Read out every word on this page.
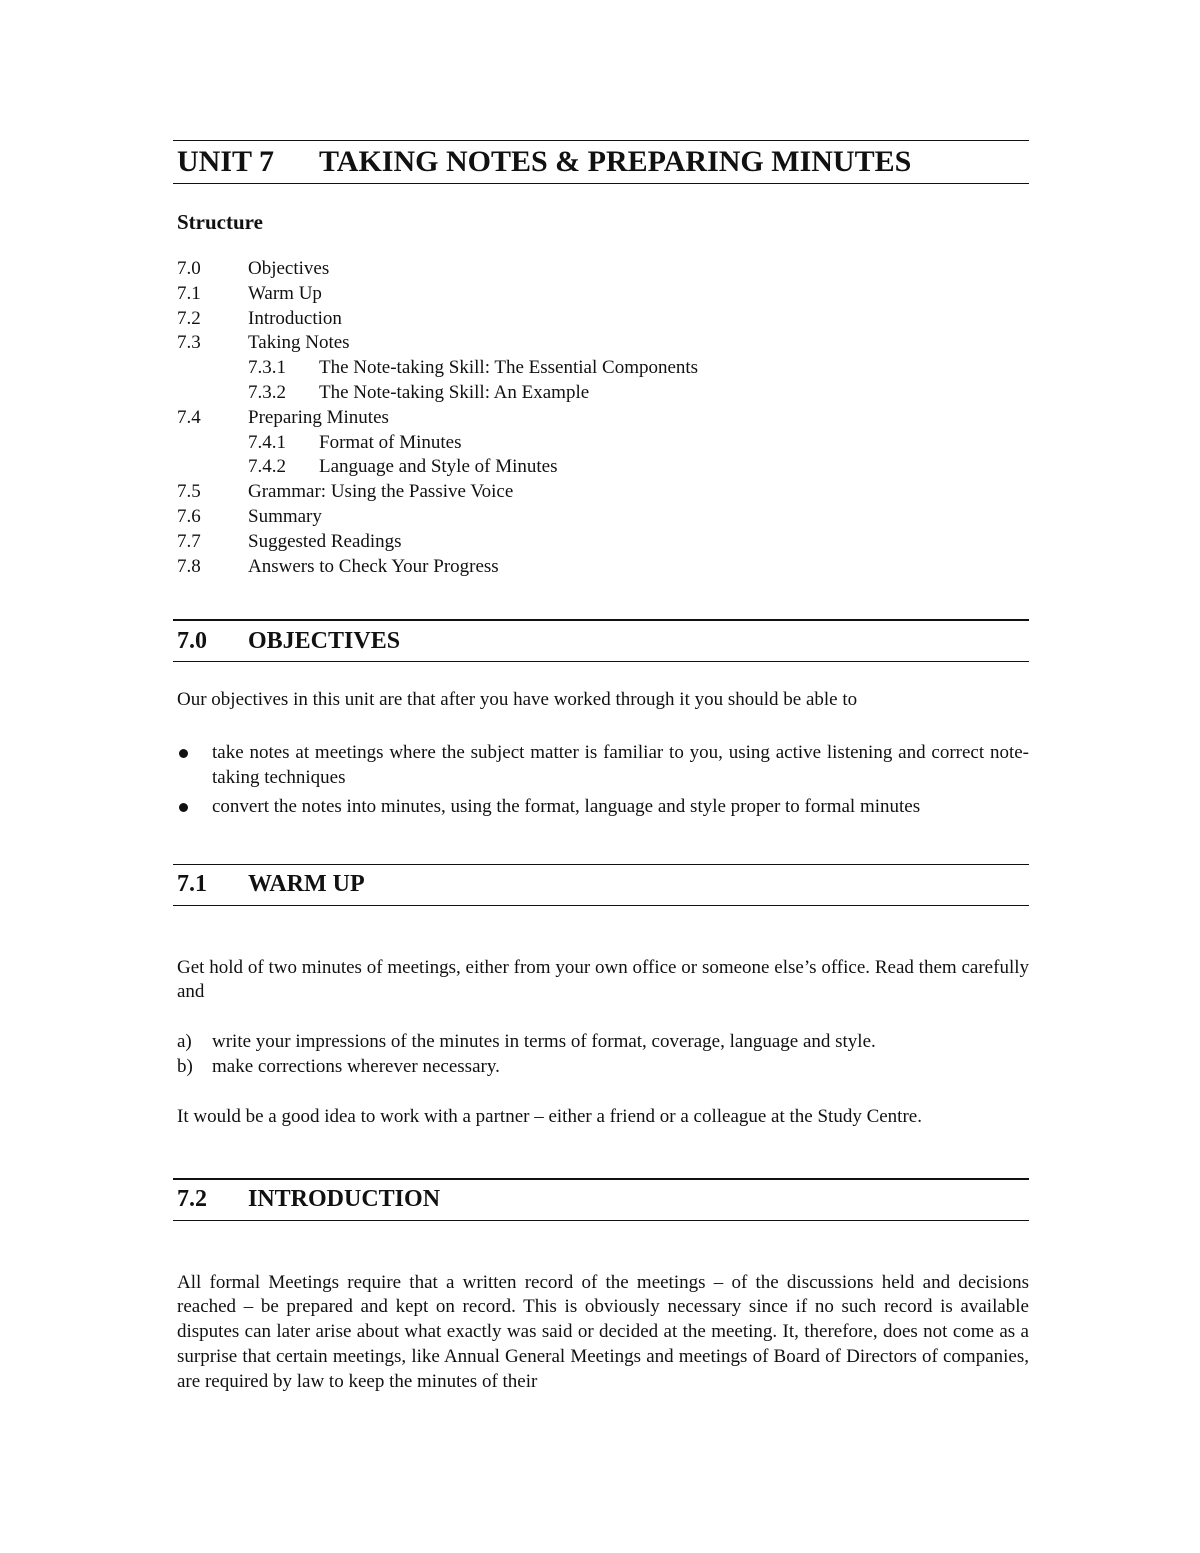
UNIT 7	TAKING NOTES & PREPARING MINUTES
Structure
7.0	Objectives
7.1	Warm Up
7.2	Introduction
7.3	Taking Notes
7.3.1	The Note-taking Skill: The Essential Components
7.3.2	The Note-taking Skill: An Example
7.4	Preparing Minutes
7.4.1	Format of Minutes
7.4.2	Language and Style of Minutes
7.5	Grammar: Using the Passive Voice
7.6	Summary
7.7	Suggested Readings
7.8	Answers to Check Your Progress
7.0	OBJECTIVES

Our objectives in this unit are that after you have worked through it you should be able to

take notes at meetings where the subject matter is familiar to you, using active listening and correct note-taking techniques
convert the notes into minutes, using the format, language and style proper to formal minutes
7.1	WARM UP

Get hold of two minutes of meetings, either from your own office or someone else’s office. Read them carefully and

a)	write your impressions of the minutes in terms of format, coverage, language and style.
b)	make corrections wherever necessary.

It would be a good idea to work with a partner – either a friend or a colleague at the Study Centre.

7.2	INTRODUCTION

All formal Meetings require that a written record of the meetings – of the discussions held and decisions reached – be prepared and kept on record. This is obviously necessary since if no such record is available disputes can later arise about what exactly was said or decided at the meeting. It, therefore, does not come as a surprise that certain meetings, like Annual General Meetings and meetings of Board of Directors of companies, are required by law to keep the minutes of their
